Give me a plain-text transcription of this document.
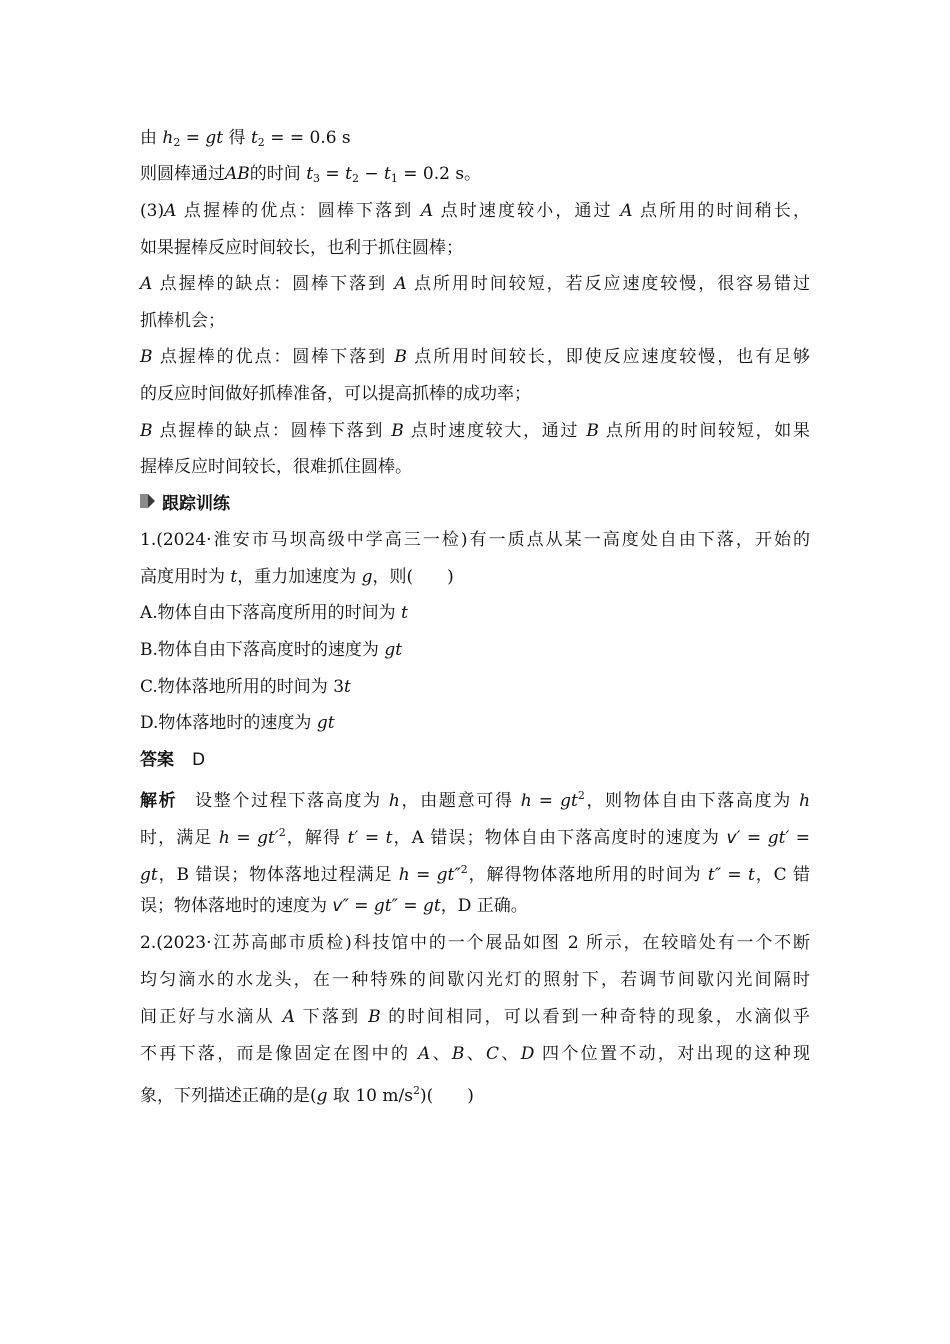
由 $h_2$ = gt 得 $t_2$ = = 0.6 s
则圆棒通过AB的时间 $t_3 = t_2 - t_1 = 0.2$ s。
(3)A 点握棒的优点：圆棒下落到 A 点时速度较小，通过 A 点所用的时间稍长，
如果握棒反应时间较长，也利于抓住圆棒；
A 点握棒的缺点：圆棒下落到 A 点所用时间较短，若反应速度较慢，很容易错过
抓棒机会；
B 点握棒的优点：圆棒下落到 B 点所用时间较长，即使反应速度较慢，也有足够
的反应时间做好抓棒准备，可以提高抓棒的成功率；
B 点握棒的缺点：圆棒下落到 B 点时速度较大，通过 B 点所用的时间较短，如果
握棒反应时间较长，很难抓住圆棒。
跟踪训练
1.(2024·淮安市马坝高级中学高三一检)有一质点从某一高度处自由下落，开始的
高度用时为 t，重力加速度为 g，则(　　)
A.物体自由下落高度所用的时间为 t
B.物体自由下落高度时的速度为 gt
C.物体落地所用的时间为 3t
D.物体落地时的速度为 gt
答案 D
解析 设整个过程下落高度为 h，由题意可得 $h = gt^2$，则物体自由下落高度为 h
时，满足 $h = gt'^2$，解得 t′ = t，A 错误；物体自由下落高度时的速度为 v′ = gt′ =
gt，B 错误；物体落地过程满足 h = gt″$^2$，解得物体落地所用的时间为 t″ = t，C 错
误；物体落地时的速度为 v″ = gt″ = gt，D 正确。
2.(2023·江苏高邮市质检)科技馆中的一个展品如图 2 所示，在较暗处有一个不断
均匀滴水的水龙头，在一种特殊的间歇闪光灯的照射下，若调节间歇闪光间隔时
间正好与水滴从 A 下落到 B 的时间相同，可以看到一种奇特的现象，水滴似乎
不再下落，而是像固定在图中的 A、B、C、D 四个位置不动，对出现的这种现
象，下列描述正确的是(g 取 10 $m/s^2$)(　　)
